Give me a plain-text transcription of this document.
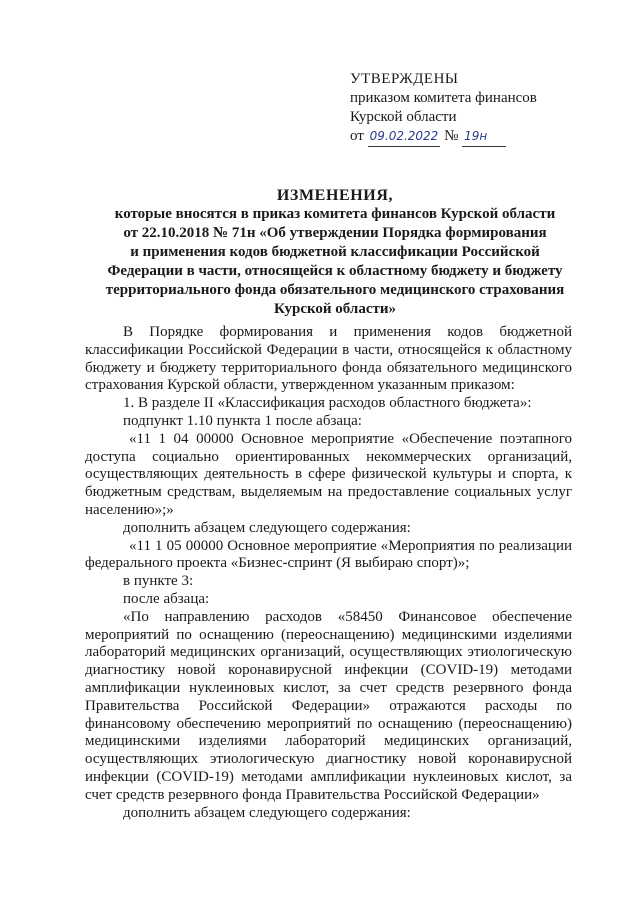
УТВЕРЖДЕНЫ
приказом комитета финансов
Курской области
от 09.02.2022 № 19н
ИЗМЕНЕНИЯ,
которые вносятся в приказ комитета финансов Курской области
от 22.10.2018 № 71н «Об утверждении Порядка формирования
и применения кодов бюджетной классификации Российской
Федерации в части, относящейся к областному бюджету и бюджету
территориального фонда обязательного медицинского страхования
Курской области»

В Порядке формирования и применения кодов бюджетной классификации Российской Федерации в части, относящейся к областному бюджету и бюджету территориального фонда обязательного медицинского страхования Курской области, утвержденном указанным приказом:

1. В разделе II «Классификация расходов областного бюджета»:

подпункт 1.10 пункта 1 после абзаца:

«11 1 04 00000 Основное мероприятие «Обеспечение поэтапного доступа социально ориентированных некоммерческих организаций, осуществляющих деятельность в сфере физической культуры и спорта, к бюджетным средствам, выделяемым на предоставление социальных услуг населению»;»

дополнить абзацем следующего содержания:

«11 1 05 00000 Основное мероприятие «Мероприятия по реализации федерального проекта «Бизнес-спринт (Я выбираю спорт)»;

в пункте 3:

после абзаца:

«По направлению расходов «58450 Финансовое обеспечение мероприятий по оснащению (переоснащению) медицинскими изделиями лабораторий медицинских организаций, осуществляющих этиологическую диагностику новой коронавирусной инфекции (COVID-19) методами амплификации нуклеиновых кислот, за счет средств резервного фонда Правительства Российской Федерации» отражаются расходы по финансовому обеспечению мероприятий по оснащению (переоснащению) медицинскими изделиями лабораторий медицинских организаций, осуществляющих этиологическую диагностику новой коронавирусной инфекции (COVID-19) методами амплификации нуклеиновых кислот, за счет средств резервного фонда Правительства Российской Федерации»

дополнить абзацем следующего содержания:
